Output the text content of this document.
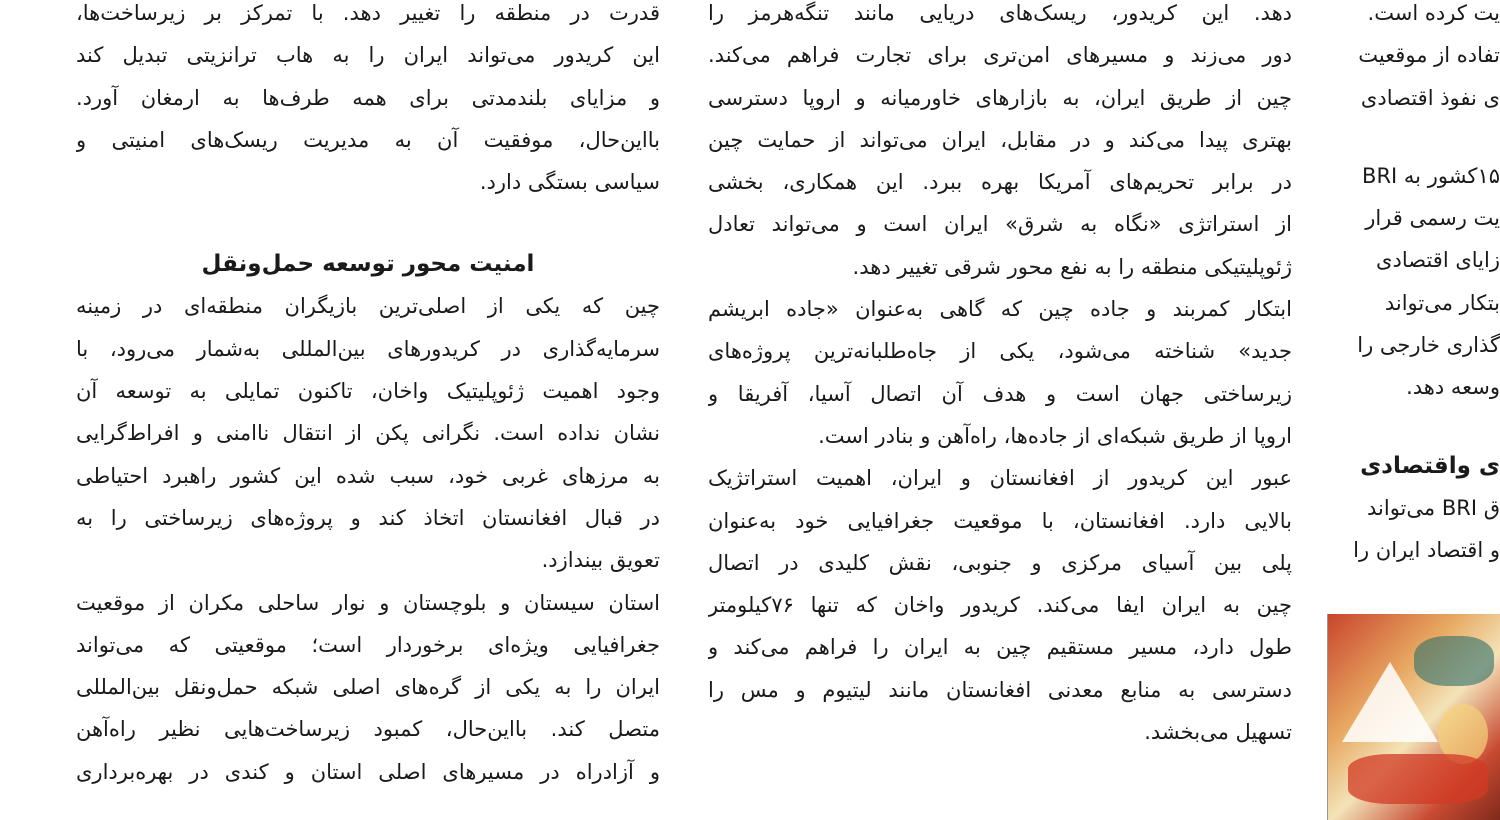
قدرت در منطقه را تغییر دهد. با تمرکز بر زیرساخت‌ها،
این کریدور می‌تواند ایران را به هاب ترانزیتی تبدیل کند
و مزایای بلندمدتی برای همه طرف‌ها به ارمغان آورد.
بااین‌حال، موفقیت آن به مدیریت ریسک‌های امنیتی و
سیاسی بستگی دارد.
امنیت محور توسعه حمل‌ونقل
چین که یکی از اصلی‌ترین بازیگران منطقه‌ای در زمینه
سرمایه‌گذاری در کریدورهای بین‌المللی به‌شمار می‌رود، با
وجود اهمیت ژئوپلیتیک واخان، تاکنون تمایلی به توسعه آن
نشان نداده است. نگرانی پکن از انتقال ناامنی و افراط‌گرایی
به مرزهای غربی خود، سبب شده این کشور راهبرد احتیاطی
در قبال افغانستان اتخاذ کند و پروژه‌های زیرساختی را به
تعویق بیندازد.
استان سیستان و بلوچستان و نوار ساحلی مکران از موقعیت
جغرافیایی ویژه‌ای برخوردار است؛ موقعیتی که می‌تواند
ایران را به یکی از گره‌های اصلی شبکه حمل‌ونقل بین‌المللی
متصل کند. بااین‌حال، کمبود زیرساخت‌هایی نظیر راه‌آهن
و آزادراه در مسیرهای اصلی استان و کندی در بهره‌برداری
دهد. این کریدور، ریسک‌های دریایی مانند تنگه‌هرمز را
دور می‌زند و مسیرهای امن‌تری برای تجارت فراهم می‌کند.
چین از طریق ایران، به بازارهای خاورمیانه و اروپا دسترسی
بهتری پیدا می‌کند و در مقابل، ایران می‌تواند از حمایت چین
در برابر تحریم‌های آمریکا بهره ببرد. این همکاری، بخشی
از استراتژی «نگاه به شرق» ایران است و می‌تواند تعادل
ژئوپلیتیکی منطقه را به نفع محور شرقی تغییر دهد.
ابتکار کمربند و جاده چین که گاهی به‌عنوان «جاده ابریشم
جدید» شناخته می‌شود، یکی از جاه‌طلبانه‌ترین پروژه‌های
زیرساختی جهان است و هدف آن اتصال آسیا، آفریقا و
اروپا از طریق شبکه‌ای از جاده‌ها، راه‌آهن و بنادر است.
عبور این کریدور از افغانستان و ایران، اهمیت استراتژیک
بالایی دارد. افغانستان، با موقعیت جغرافیایی خود به‌عنوان
پلی بین آسیای مرکزی و جنوبی، نقش کلیدی در اتصال
چین به ایران ایفا می‌کند. کریدور واخان که تنها ۷۶کیلومتر
طول دارد، مسیر مستقیم چین به ایران را فراهم می‌کند و
دسترسی به منابع معدنی افغانستان مانند لیتیوم و مس را
تسهیل می‌بخشد.
یت کرده است.
تفاده از موقعیت
ی نفوذ اقتصادی
۱۵کشور به BRI
یت رسمی قرار
زایای اقتصادی
بتکار می‌تواند
گذاری خارجی را
وسعه دهد.
ی واقتصادی
ق BRI می‌تواند
و اقتصاد ایران را
